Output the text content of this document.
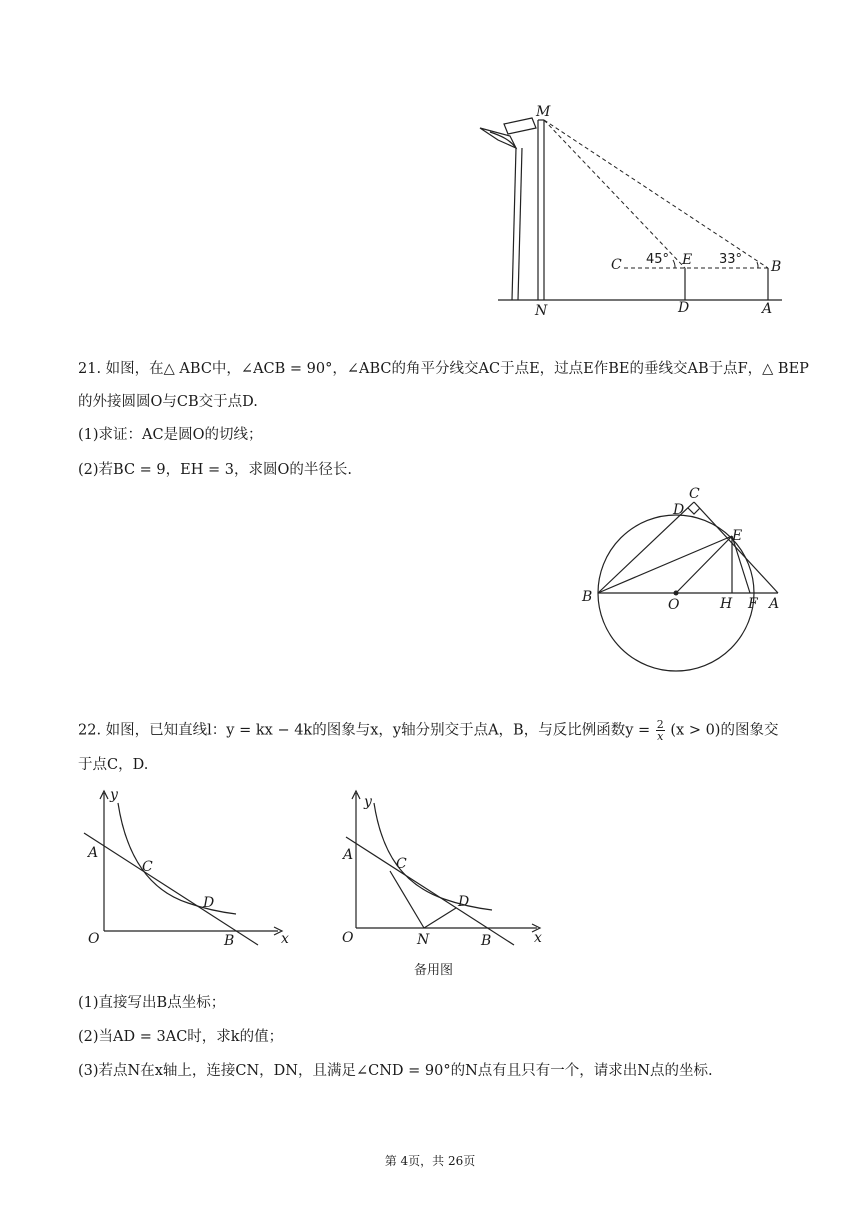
M
C 45° E 33° B
N	D	A
21. 如图，在△ ABC中，∠ACB = 90°，∠ABC的角平分线交AC于点E，过点E作BE的垂线交AB于点F，△ BEP
的外接圆圆O与CB交于点D.
(1)求证：AC是圆O的切线；
(2)若BC = 9，EH = 3，求圆O的半径长.
C
D
E
B	O	H F A
22. 如图，已知直线l：y = kx − 4k的图象与x，y轴分别交于点A，B，与反比例函数$y = \frac{2}{x} (x > 0)$的图象交
于点C，D.
y
A
C
D
O	B	x
y
A
C
D
O	N	B	x
备用图
(1)直接写出B点坐标；
(2)当AD = 3AC时，求k的值；
(3)若点N在x轴上，连接CN，DN，且满足∠CND = 90°的N点有且只有一个，请求出N点的坐标.
第 4页，共 26页
